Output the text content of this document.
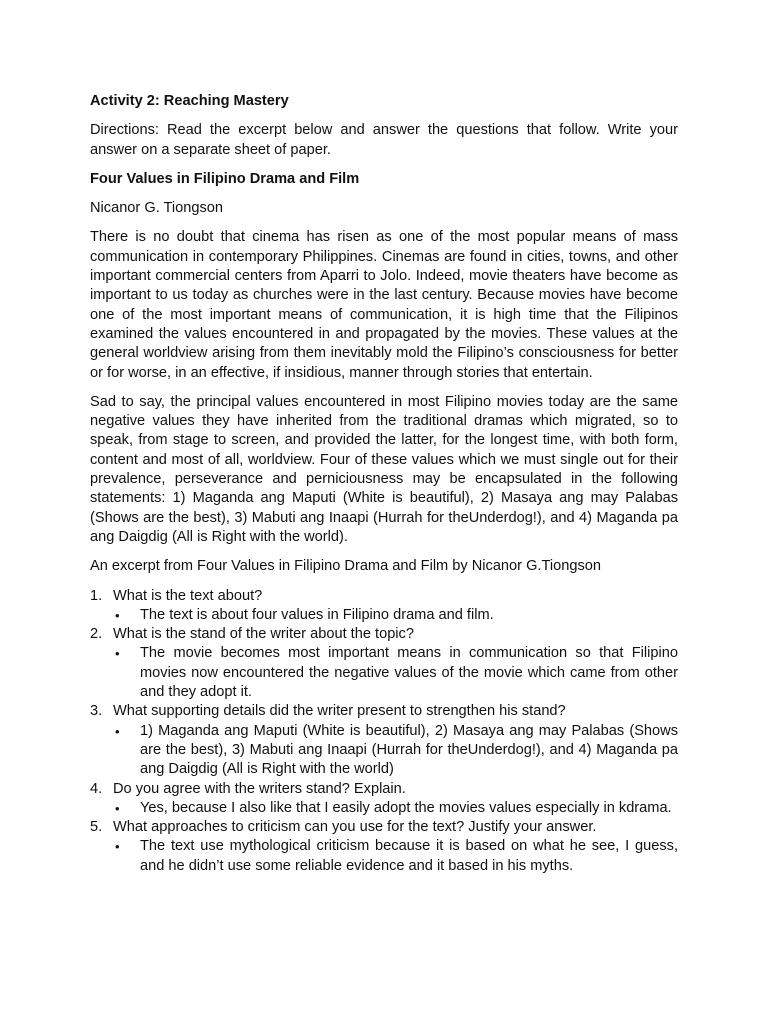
Activity 2: Reaching Mastery

Directions: Read the excerpt below and answer the questions that follow. Write your answer on a separate sheet of paper.

Four Values in Filipino Drama and Film

Nicanor G. Tiongson

There is no doubt that cinema has risen as one of the most popular means of mass communication in contemporary Philippines. Cinemas are found in cities, towns, and other important commercial centers from Aparri to Jolo. Indeed, movie theaters have become as important to us today as churches were in the last century. Because movies have become one of the most important means of communication, it is high time that the Filipinos examined the values encountered in and propagated by the movies. These values at the general worldview arising from them inevitably mold the Filipino’s consciousness for better or for worse, in an effective, if insidious, manner through stories that entertain.

Sad to say, the principal values encountered in most Filipino movies today are the same negative values they have inherited from the traditional dramas which migrated, so to speak, from stage to screen, and provided the latter, for the longest time, with both form, content and most of all, worldview. Four of these values which we must single out for their prevalence, perseverance and perniciousness may be encapsulated in the following statements: 1) Maganda ang Maputi (White is beautiful), 2) Masaya ang may Palabas (Shows are the best), 3) Mabuti ang Inaapi (Hurrah for theUnderdog!), and 4) Maganda pa ang Daigdig (All is Right with the world).

An excerpt from Four Values in Filipino Drama and Film by Nicanor G.Tiongson

1. What is the text about?
• The text is about four values in Filipino drama and film.
2. What is the stand of the writer about the topic?
• The movie becomes most important means in communication so that Filipino movies now encountered the negative values of the movie which came from other and they adopt it.
3. What supporting details did the writer present to strengthen his stand?
• 1) Maganda ang Maputi (White is beautiful), 2) Masaya ang may Palabas (Shows are the best), 3) Mabuti ang Inaapi (Hurrah for theUnderdog!), and 4) Maganda pa ang Daigdig (All is Right with the world)
4. Do you agree with the writers stand? Explain.
• Yes, because I also like that I easily adopt the movies values especially in kdrama.
5. What approaches to criticism can you use for the text? Justify your answer.
• The text use mythological criticism because it is based on what he see, I guess, and he didn’t use some reliable evidence and it based in his myths.
